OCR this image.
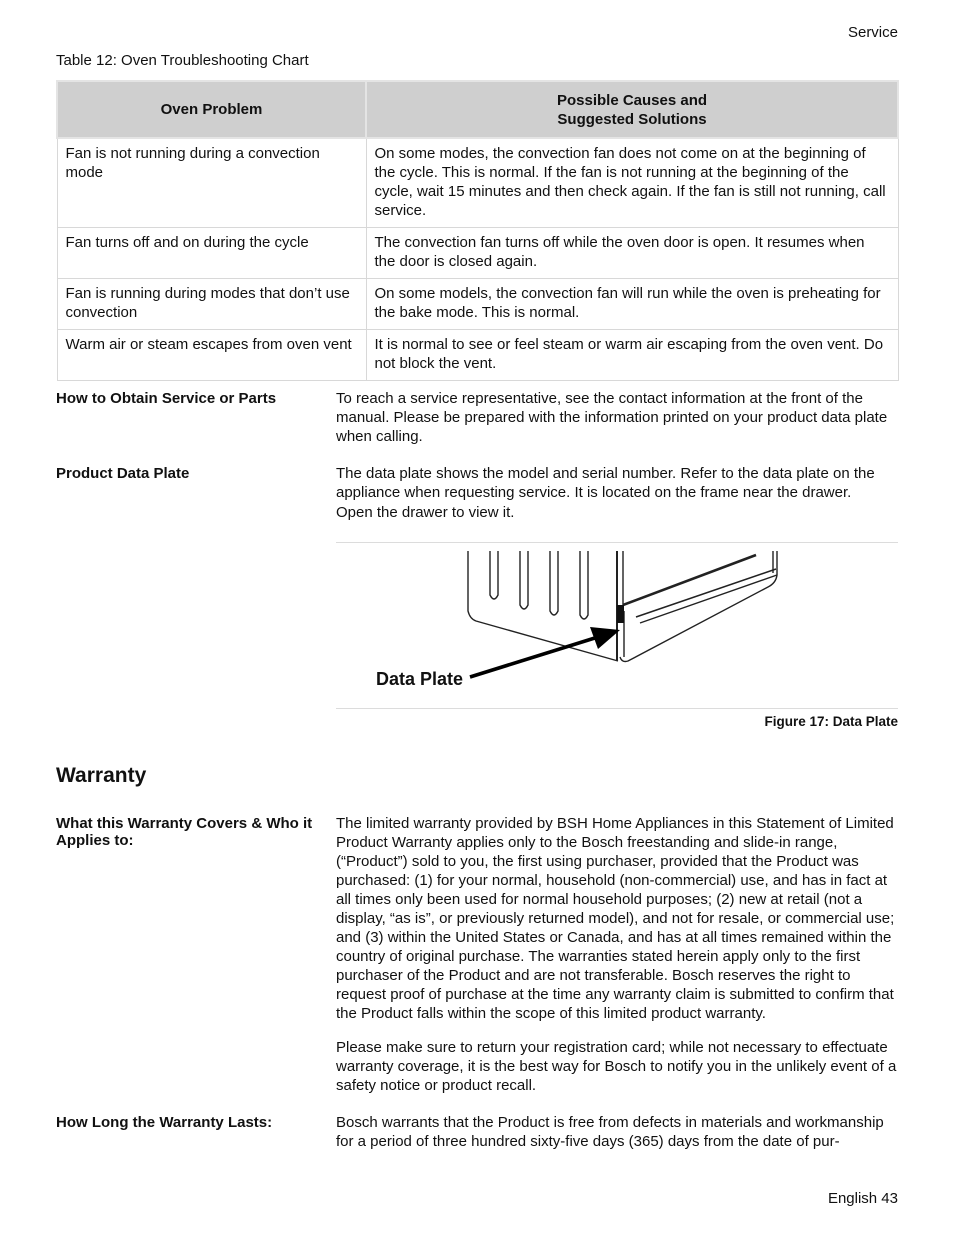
Service
Table 12: Oven Troubleshooting Chart
Oven Problem	Possible Causes and
Suggested Solutions
Fan is not running during a convection mode	On some modes, the convection fan does not come on at the beginning of the cycle. This is normal. If the fan is not running at the beginning of the cycle, wait 15 minutes and then check again. If the fan is still not running, call service.
Fan turns off and on during the cycle	The convection fan turns off while the oven door is open. It resumes when the door is closed again.
Fan is running during modes that don’t use convection	On some models, the convection fan will run while the oven is preheating for the bake mode. This is normal.
Warm air or steam escapes from oven vent	It is normal to see or feel steam or warm air escaping from the oven vent. Do not block the vent.
How to Obtain Service or Parts	To reach a service representative, see the contact information at the front of the manual. Please be prepared with the information printed on your product data plate when calling.
Product Data Plate	The data plate shows the model and serial number. Refer to the data plate on the appliance when requesting service. It is located on the frame near the drawer.
Open the drawer to view it.
Data Plate
Figure 17: Data Plate
Warranty
What this Warranty Covers & Who it Applies to:
The limited warranty provided by BSH Home Appliances in this Statement of Limited Product Warranty applies only to the Bosch freestanding and slide-in range, (“Product”) sold to you, the first using purchaser, provided that the Product was purchased: (1) for your normal, household (non-commercial) use, and has in fact at all times only been used for normal household purposes; (2) new at retail (not a display, “as is”, or previously returned model), and not for resale, or commercial use; and (3) within the United States or Canada, and has at all times remained within the country of original purchase. The warranties stated herein apply only to the first purchaser of the Product and are not transferable. Bosch reserves the right to request proof of purchase at the time any warranty claim is submitted to confirm that the Product falls within the scope of this limited product warranty.
Please make sure to return your registration card; while not necessary to effectuate warranty coverage, it is the best way for Bosch to notify you in the unlikely event of a safety notice or product recall.
How Long the Warranty Lasts:	Bosch warrants that the Product is free from defects in materials and workmanship for a period of three hundred sixty-five days (365) days from the date of pur-
English 43
